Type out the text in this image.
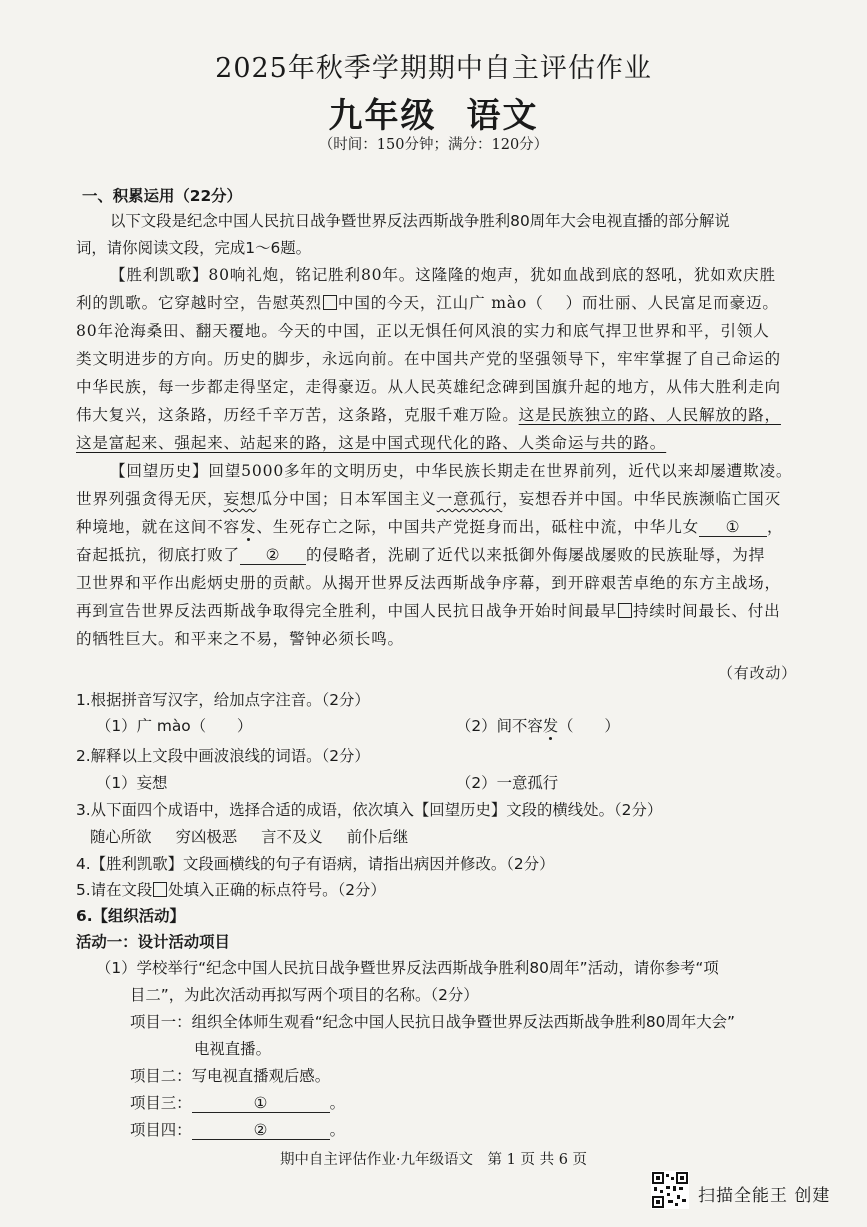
2025年秋季学期期中自主评估作业
九年级 语文
（时间：150分钟；满分：120分）
一、积累运用（22分）
以下文段是纪念中国人民抗日战争暨世界反法西斯战争胜利80周年大会电视直播的部分解说
词，请你阅读文段，完成1～6题。
【胜利凯歌】80响礼炮，铭记胜利80年。这隆隆的炮声，犹如血战到底的怒吼，犹如欢庆胜
利的凯歌。它穿越时空，告慰英烈 中国的今天，江山广 mào（　 ）而壮丽、人民富足而豪迈。
80年沧海桑田、翻天覆地。今天的中国，正以无惧任何风浪的实力和底气捍卫世界和平，引领人
类文明进步的方向。历史的脚步，永远向前。在中国共产党的坚强领导下，牢牢掌握了自己命运的
中华民族，每一步都走得坚定，走得豪迈。从人民英雄纪念碑到国旗升起的地方，从伟大胜利走向
伟大复兴，这条路，历经千辛万苦，这条路，克服千难万险。这是民族独立的路、人民解放的路，
这是富起来、强起来、站起来的路，这是中国式现代化的路、人类命运与共的路。
【回望历史】回望5000多年的文明历史，中华民族长期走在世界前列，近代以来却屡遭欺凌。
世界列强贪得无厌，妄想瓜分中国；日本军国主义一意孤行，妄想吞并中国。中华民族濒临亡国灭
种境地，就在这间不容发、生死存亡之际，中国共产党挺身而出，砥柱中流，中华儿女 ① ，
奋起抵抗，彻底打败了 ② 的侵略者，洗刷了近代以来抵御外侮屡战屡败的民族耻辱，为捍
卫世界和平作出彪炳史册的贡献。从揭开世界反法西斯战争序幕，到开辟艰苦卓绝的东方主战场，
再到宣告世界反法西斯战争取得完全胜利，中国人民抗日战争开始时间最早 持续时间最长、付出
的牺牲巨大。和平来之不易，警钟必须长鸣。
（有改动）
1.根据拼音写汉字，给加点字注音。（2分）
（1）广 mào（　　）	（2）间不容发（　　）
2.解释以上文段中画波浪线的词语。（2分）
（1）妄想	（2）一意孤行
3.从下面四个成语中，选择合适的成语，依次填入【回望历史】文段的横线处。（2分）
随心所欲 穷凶极恶 言不及义 前仆后继
4.【胜利凯歌】文段画横线的句子有语病，请指出病因并修改。（2分）
5.请在文段 处填入正确的标点符号。（2分）
6.【组织活动】
活动一：设计活动项目
（1）学校举行“纪念中国人民抗日战争暨世界反法西斯战争胜利80周年”活动，请你参考“项
目二”，为此次活动再拟写两个项目的名称。（2分）
项目一：组织全体师生观看“纪念中国人民抗日战争暨世界反法西斯战争胜利80周年大会”
电视直播。
项目二：写电视直播观后感。
项目三：	①	。
期中自主评估作业·九年级语文　第 1 页 共 6 页
项目四：	②	。
扫描全能王 创建
